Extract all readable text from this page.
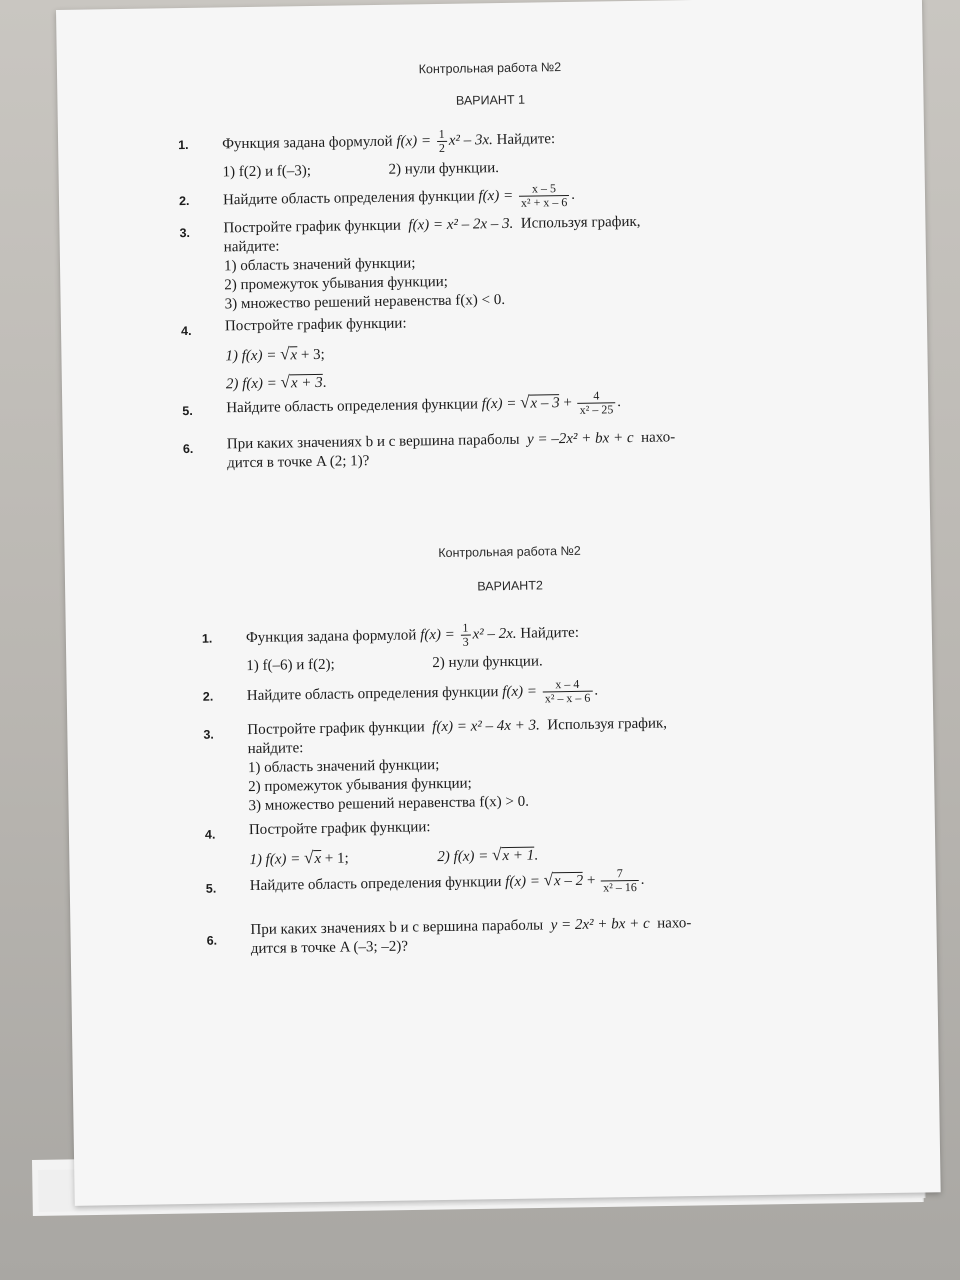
Контрольная работа №2
ВАРИАНТ 1
1. Функция задана формулой $f(x) = \frac{1}{2} x^2 - 3x$. Найдите:
1) f(2) и f(–3);	2) нули функции.
2. Найдите область определения функции $f(x) = \frac{x - 5}{\text{x² + x – 6}}$ .
3. Постройте график функции f(x) = x² – 2x – 3. Используя график,
найдите:
1) область значений функции;
2) промежуток убывания функции;
3) множество решений неравенства f(x) < 0.
4. Постройте график функции:
1) f(x) = √x + 3;
2) f(x) = √x + 3.
5. Найдите область определения функции $f(x) = √x - 3 + \frac{4}{\text{x² – 25}}$ .
6. При каких значениях b и c вершина параболы y = –2x² + bx + c нахо-
дится в точке A (2; 1)?
Контрольная работа №2
ВАРИАНТ2
1. Функция задана формулой $f(x) = \frac{1}{3} x^2 - 2x$. Найдите:
1) f(–6) и f(2);	2) нули функции.
2. Найдите область определения функции $f(x) = \frac{x - 4}{\text{x² – x – 6}}$ .
3. Постройте график функции f(x) = x² – 4x + 3. Используя график,
найдите:
1) область значений функции;
2) промежуток убывания функции;
3) множество решений неравенства f(x) > 0.
4. Постройте график функции:
1) f(x) = √x + 1;	2) f(x) = √x + 1.
5. Найдите область определения функции $f(x) = √x - 2 + \frac{7}{\text{x² – 16}}$ .
6.
При каких значениях b и c вершина параболы y = 2x² + bx + c нахо-
дится в точке A (–3; –2)?
